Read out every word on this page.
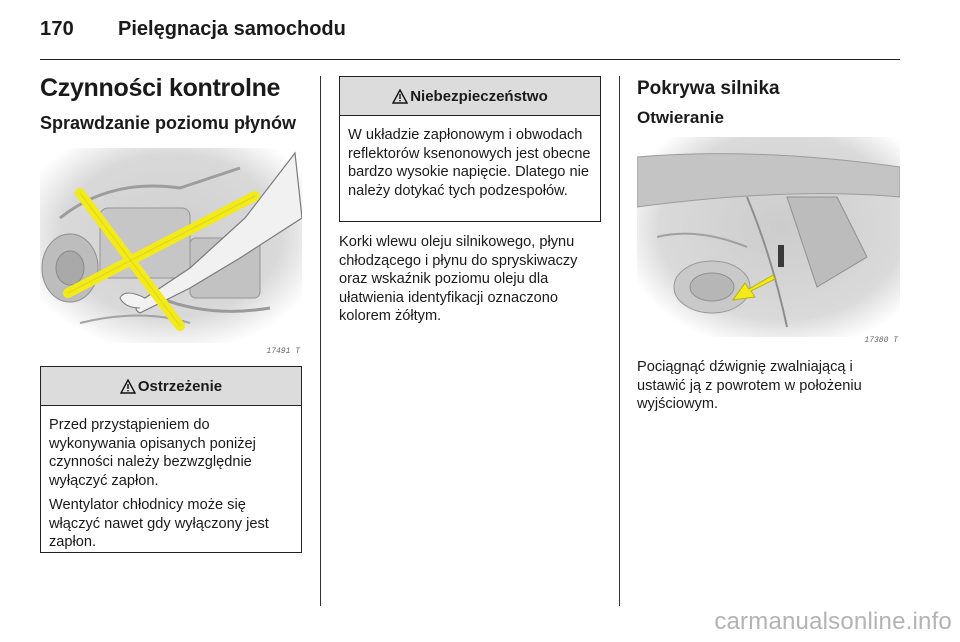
170 Pielęgnacja samochodu
Czynności kontrolne
Sprawdzanie poziomu płynów
17491 T
Ostrzeżenie

Przed przystąpieniem do wykonywania opisanych poniżej czynności należy bezwzględnie wyłączyć zapłon.

Wentylator chłodnicy może się włączyć nawet gdy wyłączony jest zapłon.

Niebezpieczeństwo

W układzie zapłonowym i obwodach reflektorów ksenonowych jest obecne bardzo wysokie napięcie. Dlatego nie należy dotykać tych podzespołów.

Korki wlewu oleju silnikowego, płynu chłodzącego i płynu do spryskiwaczy oraz wskaźnik poziomu oleju dla ułatwienia identyfikacji oznaczono kolorem żółtym.

Pokrywa silnika
Otwieranie
17380 T

Pociągnąć dźwignię zwalniającą i ustawić ją z powrotem w położeniu wyjściowym.

carmanualsonline.info
